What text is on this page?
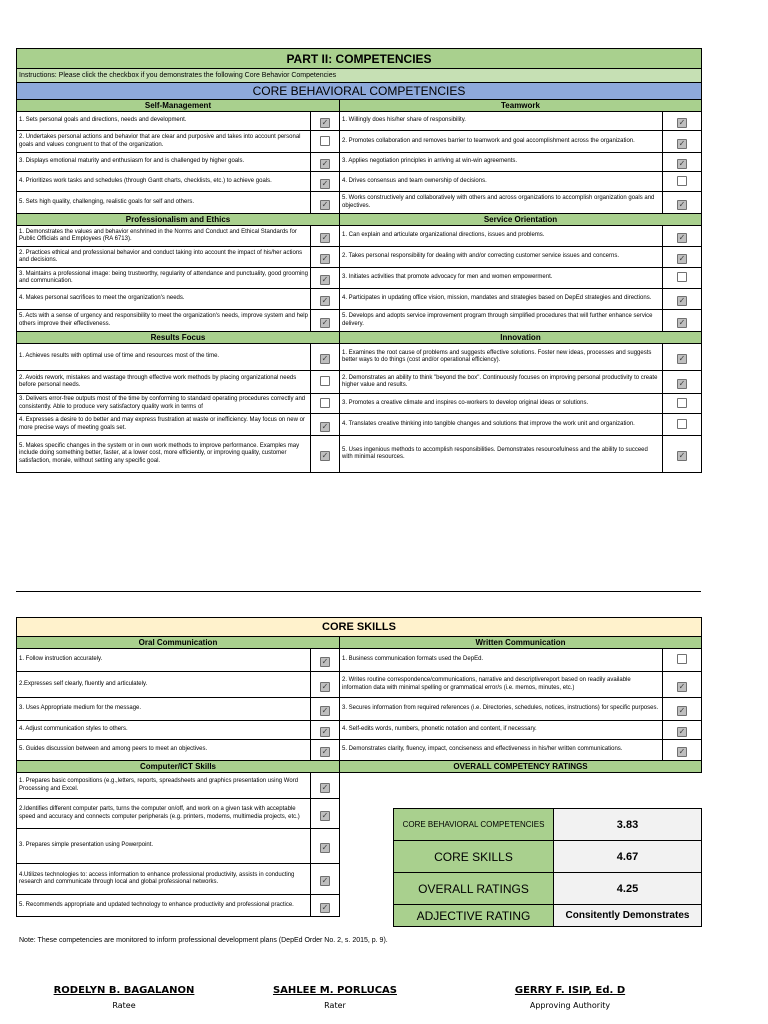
PART II: COMPETENCIES			
Instructions: Please click the checkbox if you demonstrates the following Core Behavior Competencies			
CORE BEHAVIORAL COMPETENCIES			
Self-Management		Teamwork	
1. Sets personal goals and directions, needs and development.	✓	1. Willingly does his/her share of responsibility.	✓
2. Undertakes personal actions and behavior that are clear and purposive and takes into account personal goals and values congruent to that of the organization.		2. Promotes collaboration and removes barrier to teamwork and goal accomplishment across the organization.	✓
3. Displays emotional maturity and enthusiasm for and is challenged by higher goals.	✓	3. Applies negotiation principles in arriving at win-win agreements.	✓
4. Prioritizes work tasks and schedules (through Gantt charts, checklists, etc.) to achieve goals.	✓	4. Drives consensus and team ownership of decisions.	
5. Sets high quality, challenging, realistic goals for self and others.	✓	5. Works constructively and collaboratively with others and across organizations to accomplish organization goals and objectives.	✓
Professionalism and Ethics		Service Orientation	
1. Demonstrates the values and behavior enshrined in the Norms and Conduct and Ethical Standards for Public Officials and Employees (RA 6713).	✓	1. Can explain and articulate organizational directions, issues and problems.	✓
2. Practices ethical and professional behavior and conduct taking into account the impact of his/her actions and decisions.	✓	2. Takes personal responsibility for dealing with and/or correcting customer service issues and concerns.	✓
3. Maintains a professional image: being trustworthy, regularity of attendance and punctuality, good grooming and communication.	✓	3. Initiates activities that promote advocacy for men and women empowerment.	
4. Makes personal sacrifices to meet the organization's needs.	✓	4. Participates in updating office vision, mission, mandates and strategies based on DepEd strategies and directions.	✓
5. Acts with a sense of urgency and responsibility to meet the organization's needs, improve system and help others improve their effectiveness.	✓	5. Develops and adopts service improvement program through simplified procedures that will further enhance service delivery.	✓
Results Focus		Innovation	
1. Achieves results with optimal use of time and resources most of the time.	✓	1. Examines the root cause of problems and suggests effective solutions. Foster new ideas, processes and suggests better ways to do things (cost and/or operational efficiency).	✓
2. Avoids rework, mistakes and wastage through effective work methods by placing organizational needs before personal needs.		2. Demonstrates an ability to think "beyond the box". Continuously focuses on improving personal productivity to create higher value and results.	✓
3. Delivers error-free outputs most of the time by conforming to standard operating procedures correctly and consistently. Able to produce very satisfactory quality work in terms of		3. Promotes a creative climate and inspires co-workers to develop original ideas or solutions.	
4. Expresses a desire to do better and may express frustration at waste or inefficiency. May focus on new or more precise ways of meeting goals set.	✓	4. Translates creative thinking into tangible changes and solutions that improve the work unit and organization.	
5. Makes specific changes in the system or in own work methods to improve performance. Examples may include doing something better, faster, at a lower cost, more efficiently, or improving quality, customer satisfaction, morale, without setting any specific goal.	✓	5. Uses ingenious methods to accomplish responsibilities. Demonstrates resourcefulness and the ability to succeed with minimal resources.	✓
CORE SKILLS			
Oral Communication		Written Communication	
1. Follow instruction accurately.	✓	1. Business communication formats used the DepEd.	
2.Expresses self clearly, fluently and articulately.	✓	2. Writes routine correspondence/communications, narrative and descriptivereport based on readily available information data with minimal spelling or grammatical error/s (i.e. memos, minutes, etc.)	✓
3. Uses Appropriate medium for the message.	✓	3. Secures information from required references (i.e. Directories, schedules, notices, instructions) for specific purposes.	✓
4. Adjust communication styles to others.	✓	4. Self-edits words, numbers, phonetic notation and content, if necessary.	✓
5. Guides discussion between and among peers to meet an objectives.	✓	5. Demonstrates clarity, fluency, impact, conciseness and effectiveness in his/her written communications.	✓
Computer/ICT Skills		OVERALL COMPETENCY RATINGS	
1. Prepares basic compositions (e.g.,letters, reports, spreadsheets and graphics presentation using Word Processing and Excel.	✓		
2.Identifies different computer parts, turns the computer on/off, and work on a given task with acceptable speed and accuracy and connects computer peripherals (e.g. printers, modems, multimedia projects, etc.)	✓		
3. Prepares simple presentation using Powerpoint.	✓		
4.Utilizes technologies to: access information to enhance professional productivity, assists in conducting research and communicate through local and global professional networks.	✓		
5. Recommends appropriate and updated technology to enhance productivity and professional practice.	✓		
CORE BEHAVIORAL COMPETENCIES	3.83
CORE SKILLS	4.67
OVERALL RATINGS	4.25
ADJECTIVE RATING	Consitently Demonstrates
Note: These competencies are monitored to inform professional development plans (DepEd Order No. 2, s. 2015, p. 9).
RODELYN B. BAGALANON
Ratee
SAHLEE M. PORLUCAS
Rater
GERRY F. ISIP, Ed. D
Approving Authority
